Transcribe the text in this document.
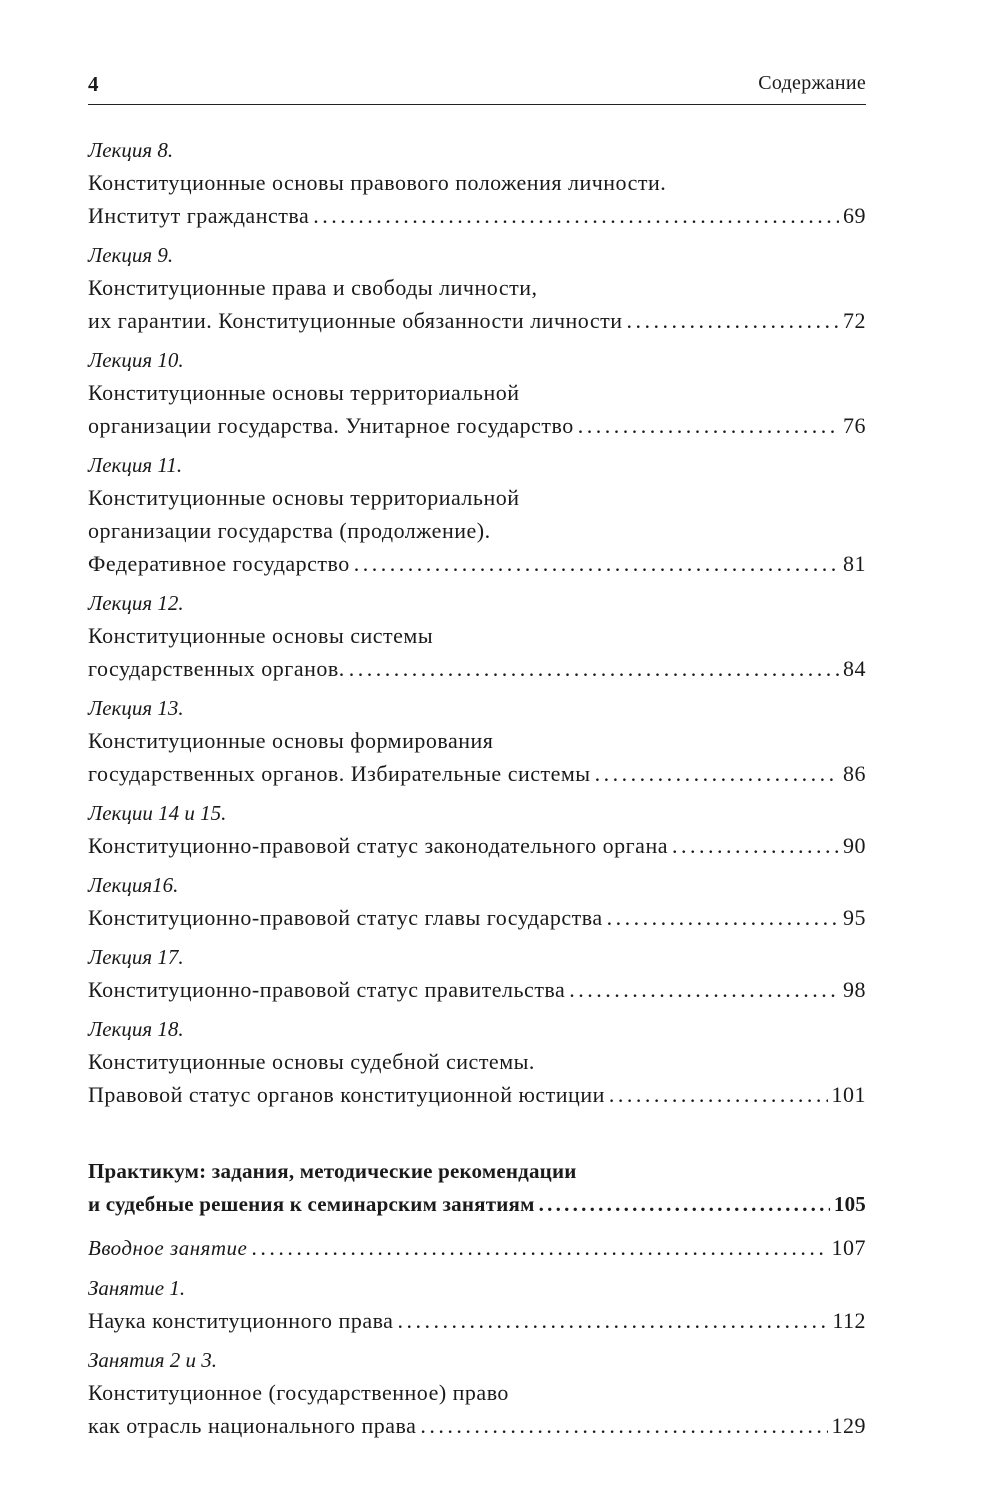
4	Содержание
Лекция 8.
Конституционные основы правового положения личности.
Институт гражданства . . .	69
Лекция 9.
Конституционные права и свободы личности,
их гарантии. Конституционные обязанности личности . . .	72
Лекция 10.
Конституционные основы территориальной
организации государства. Унитарное государство . . .	76
Лекция 11.
Конституционные основы территориальной
организации государства (продолжение).
Федеративное государство . . .	81
Лекция 12.
Конституционные основы системы
государственных органов. . . .	84
Лекция 13.
Конституционные основы формирования
государственных органов. Избирательные системы . . .	86
Лекции 14 и 15.
Конституционно-правовой статус законодательного органа . . .	90
Лекция16.
Конституционно-правовой статус главы государства . . .	95
Лекция 17.
Конституционно-правовой статус правительства . . .	98
Лекция 18.
Конституционные основы судебной системы.
Правовой статус органов конституционной юстиции . . .	101
Практикум: задания, методические рекомендации
и судебные решения к семинарским занятиям . . .	105
Вводное занятие . . .	107
Занятие 1.
Наука конституционного права . . .	112
Занятия 2 и 3.
Конституционное (государственное) право
как отрасль национального права . . .	129
